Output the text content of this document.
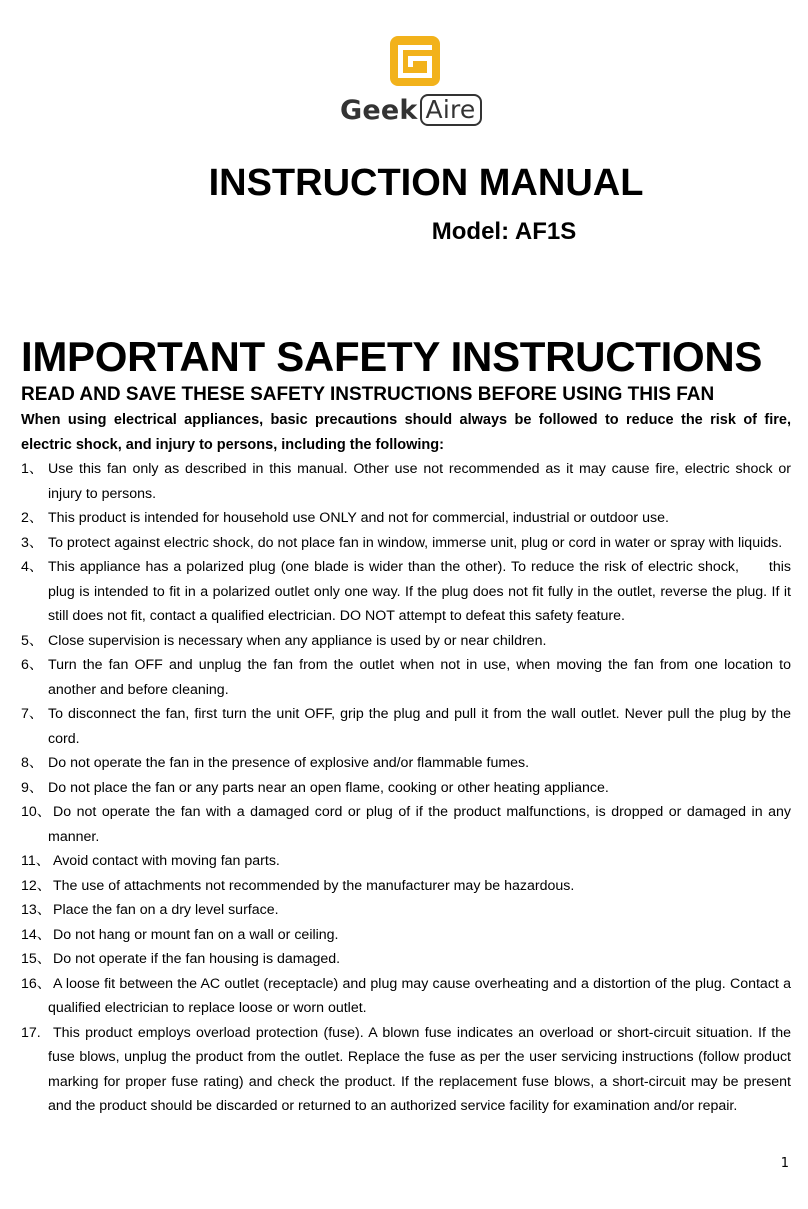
Geek Aire
INSTRUCTION MANUAL
Model: AF1S
IMPORTANT SAFETY INSTRUCTIONS
READ AND SAVE THESE SAFETY INSTRUCTIONS BEFORE USING THIS FAN

When using electrical appliances, basic precautions should always be followed to reduce the risk of fire, electric shock, and injury to persons, including the following:

1、 Use this fan only as described in this manual. Other use not recommended as it may cause fire, electric shock or injury to persons.
2、 This product is intended for household use ONLY and not for commercial, industrial or outdoor use.
3、 To protect against electric shock, do not place fan in window, immerse unit, plug or cord in water or spray with liquids.
4、 This appliance has a polarized plug (one blade is wider than the other). To reduce the risk of electric shock,      this plug is intended to fit in a polarized outlet only one way. If the plug does not fit fully in the outlet, reverse the plug. If it still does not fit, contact a qualified electrician. DO NOT attempt to defeat this safety feature.
5、 Close supervision is necessary when any appliance is used by or near children.
6、 Turn the fan OFF and unplug the fan from the outlet when not in use, when moving the fan from one location to another and before cleaning.
7、 To disconnect the fan, first turn the unit OFF, grip the plug and pull it from the wall outlet. Never pull the plug by the cord.
8、 Do not operate the fan in the presence of explosive and/or flammable fumes.
9、 Do not place the fan or any parts near an open flame, cooking or other heating appliance.
10、 Do not operate the fan with a damaged cord or plug of if the product malfunctions, is dropped or damaged in any manner.
11、 Avoid contact with moving fan parts.
12、 The use of attachments not recommended by the manufacturer may be hazardous.
13、 Place the fan on a dry level surface.
14、 Do not hang or mount fan on a wall or ceiling.
15、 Do not operate if the fan housing is damaged.
16、 A loose fit between the AC outlet (receptacle) and plug may cause overheating and a distortion of the plug. Contact a qualified electrician to replace loose or worn outlet.
17. This product employs overload protection (fuse). A blown fuse indicates an overload or short-circuit situation. If the fuse blows, unplug the product from the outlet. Replace the fuse as per the user servicing instructions (follow product marking for proper fuse rating) and check the product. If the replacement fuse blows, a short-circuit may be present and the product should be discarded or returned to an authorized service facility for examination and/or repair.
1
